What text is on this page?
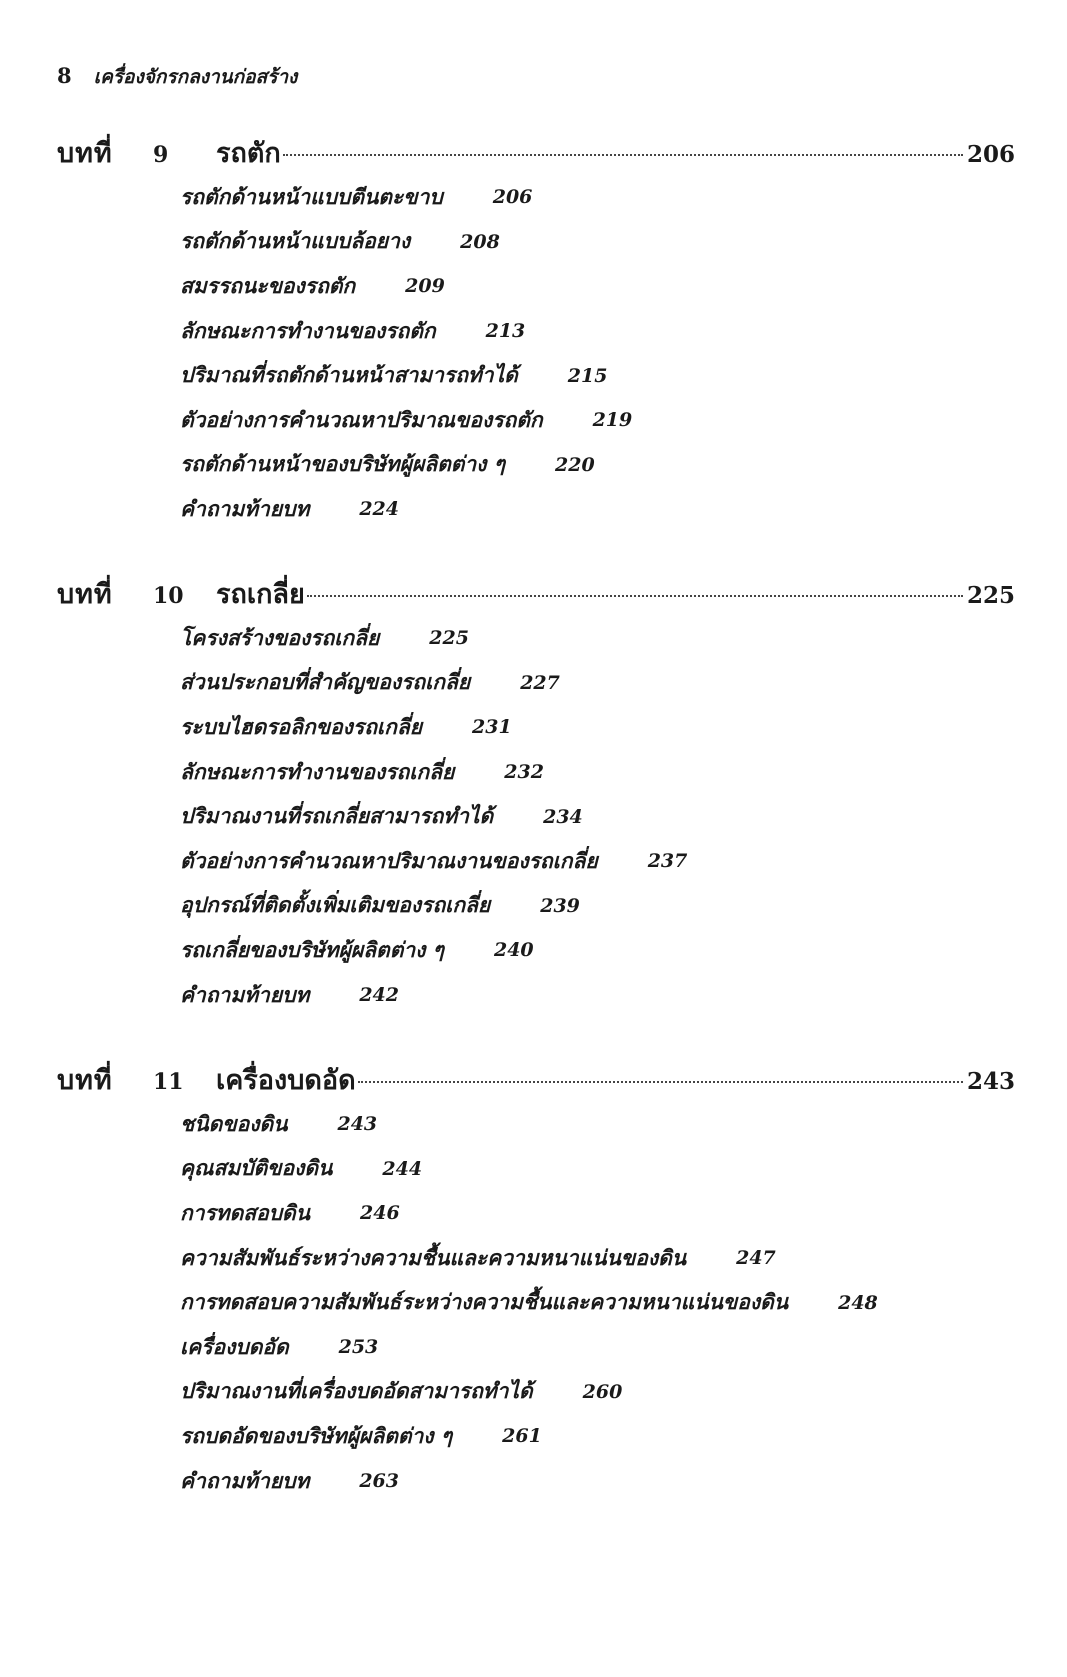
8 เครื่องจักรกลงานก่อสร้าง
บทที่	9	รถตัก	206
รถตักด้านหน้าแบบตีนตะขาบ	206
รถตักด้านหน้าแบบล้อยาง	208
สมรรถนะของรถตัก	209
ลักษณะการทำงานของรถตัก	213
ปริมาณที่รถตักด้านหน้าสามารถทำได้	215
ตัวอย่างการคำนวณหาปริมาณของรถตัก	219
รถตักด้านหน้าของบริษัทผู้ผลิตต่าง ๆ	220
คำถามท้ายบท	224
บทที่	10	รถเกลี่ย	225
โครงสร้างของรถเกลี่ย	225
ส่วนประกอบที่สำคัญของรถเกลี่ย	227
ระบบไฮดรอลิกของรถเกลี่ย	231
ลักษณะการทำงานของรถเกลี่ย	232
ปริมาณงานที่รถเกลี่ยสามารถทำได้	234
ตัวอย่างการคำนวณหาปริมาณงานของรถเกลี่ย	237
อุปกรณ์ที่ติดตั้งเพิ่มเติมของรถเกลี่ย	239
รถเกลี่ยของบริษัทผู้ผลิตต่าง ๆ	240
คำถามท้ายบท	242
บทที่	11	เครื่องบดอัด	243
ชนิดของดิน	243
คุณสมบัติของดิน	244
การทดสอบดิน	246
ความสัมพันธ์ระหว่างความชื้นและความหนาแน่นของดิน	247
การทดสอบความสัมพันธ์ระหว่างความชื้นและความหนาแน่นของดิน	248
เครื่องบดอัด	253
ปริมาณงานที่เครื่องบดอัดสามารถทำได้	260
รถบดอัดของบริษัทผู้ผลิตต่าง ๆ	261
คำถามท้ายบท	263
